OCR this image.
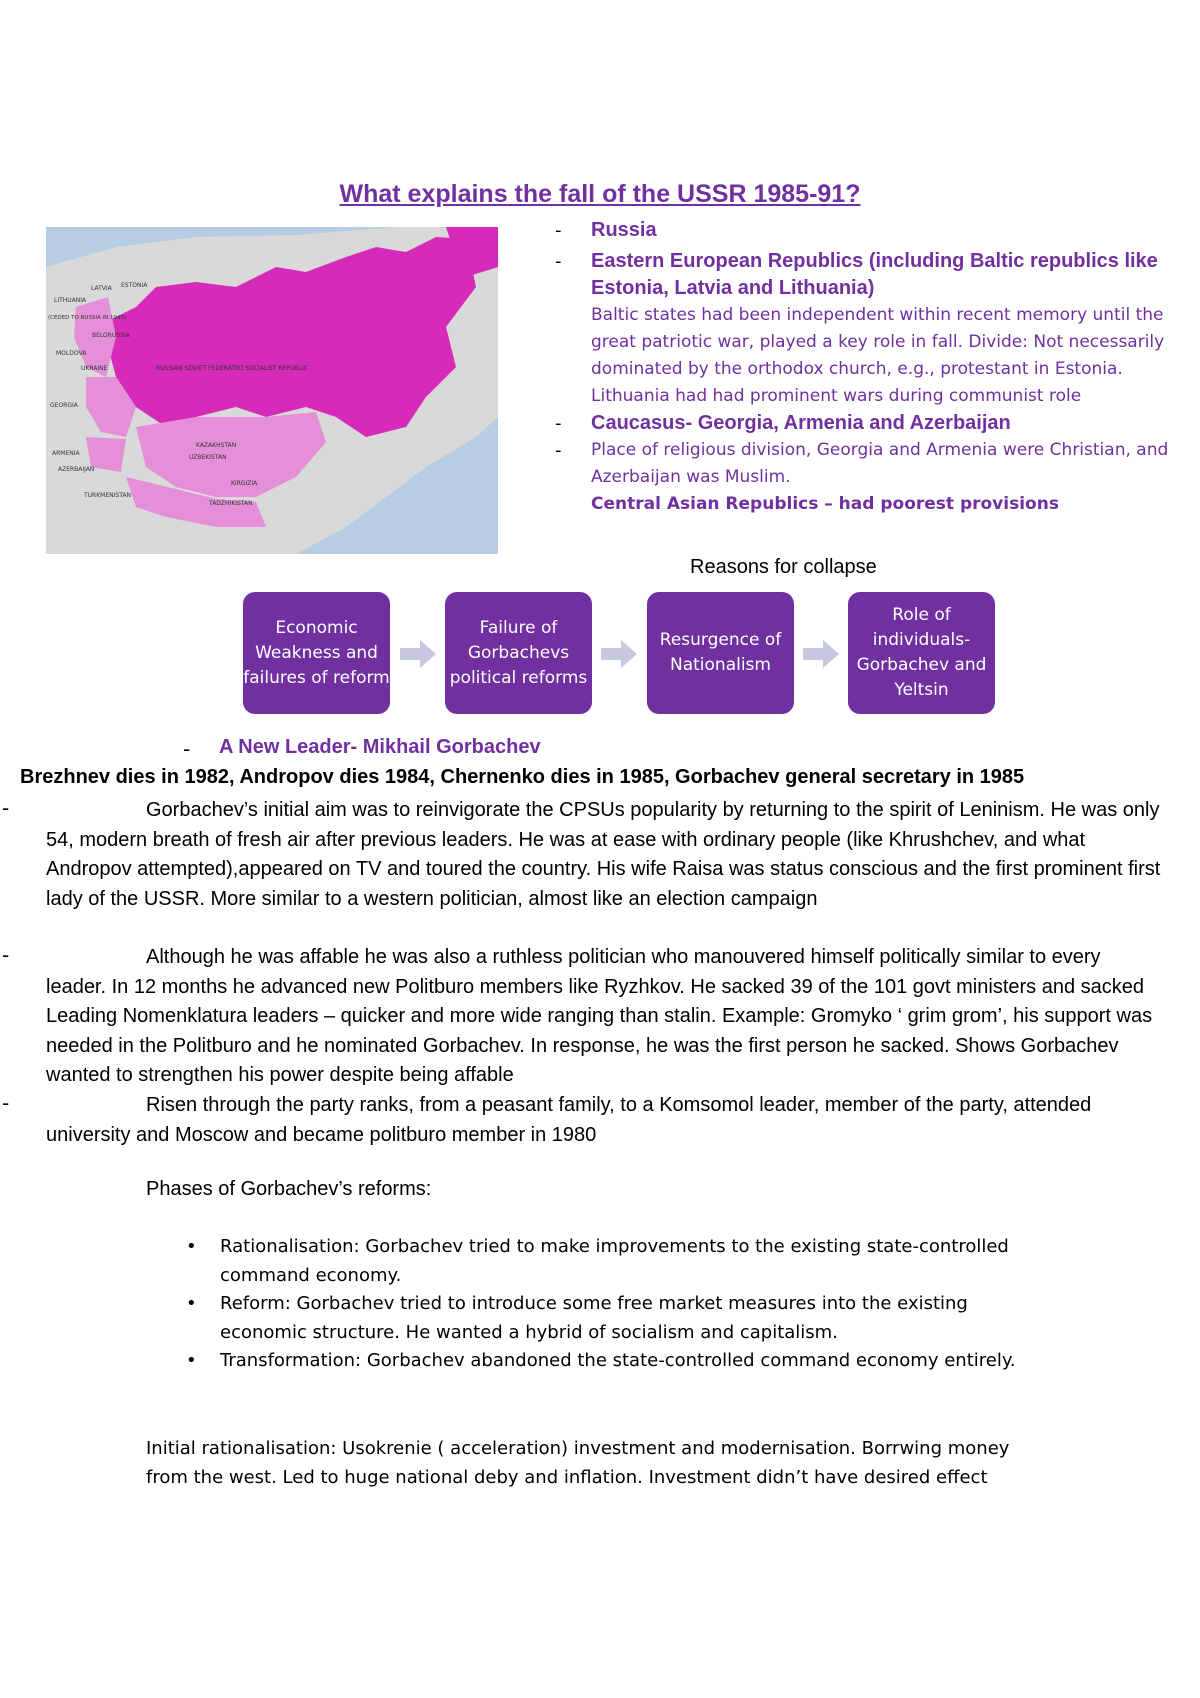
What explains the fall of the USSR 1985-91?
LATVIA ESTONIA
LITHUANIA
(CEDED TO RUSSIA IN 1945)
BELORUSSIA
MOLDOVA
UKRAINE	RUSSIAN SOVIET FEDERATED SOCIALIST REPUBLIC
GEORGIA
KAZAKHSTAN
ARMENIA
AZERBAIJAN
UZBEKISTAN
KIRGIZIA
TURKMENISTAN
TADZHIKISTAN
- Russia
- Eastern European Republics (including Baltic republics like Estonia, Latvia and Lithuania)
Baltic states had been independent within recent memory until the great patriotic war, played a key role in fall. Divide: Not necessarily dominated by the orthodox church, e.g., protestant in Estonia. Lithuania had had prominent wars during communist role
- Caucasus- Georgia, Armenia and Azerbaijan
- Place of religious division, Georgia and Armenia were Christian, and Azerbaijan was Muslim.
Central Asian Republics – had poorest provisions
Reasons for collapse
Economic Weakness and failures of reform
Failure of Gorbachevs political reforms
Resurgence of Nationalism
Role of individuals- Gorbachev and Yeltsin
- A New Leader- Mikhail Gorbachev
Brezhnev dies in 1982, Andropov dies 1984, Chernenko dies in 1985, Gorbachev general secretary in 1985
-	Gorbachev’s initial aim was to reinvigorate the CPSUs popularity by returning to the spirit of Leninism. He was only 54, modern breath of fresh air after previous leaders. He was at ease with ordinary people (like Khrushchev, and what Andropov attempted),appeared on TV and toured the country. His wife Raisa was status conscious and the first prominent first lady of the USSR. More similar to a western politician, almost like an election campaign
-	Although he was affable he was also a ruthless politician who manouvered himself politically similar to every leader. In 12 months he advanced new Politburo members like Ryzhkov. He sacked 39 of the 101 govt ministers and sacked Leading Nomenklatura leaders – quicker and more wide ranging than stalin. Example: Gromyko ‘ grim grom’, his support was needed in the Politburo and he nominated Gorbachev. In response, he was the first person he sacked. Shows Gorbachev wanted to strengthen his power despite being affable
-	Risen through the party ranks, from a peasant family, to a Komsomol leader, member of the party, attended university and Moscow and became politburo member in 1980
Phases of Gorbachev’s reforms:
• Rationalisation: Gorbachev tried to make improvements to the existing state-controlled command economy.
• Reform: Gorbachev tried to introduce some free market measures into the existing economic structure. He wanted a hybrid of socialism and capitalism.
• Transformation: Gorbachev abandoned the state-controlled command economy entirely.
Initial rationalisation: Usokrenie ( acceleration) investment and modernisation. Borrwing money from the west. Led to huge national deby and inflation. Investment didn’t have desired effect
